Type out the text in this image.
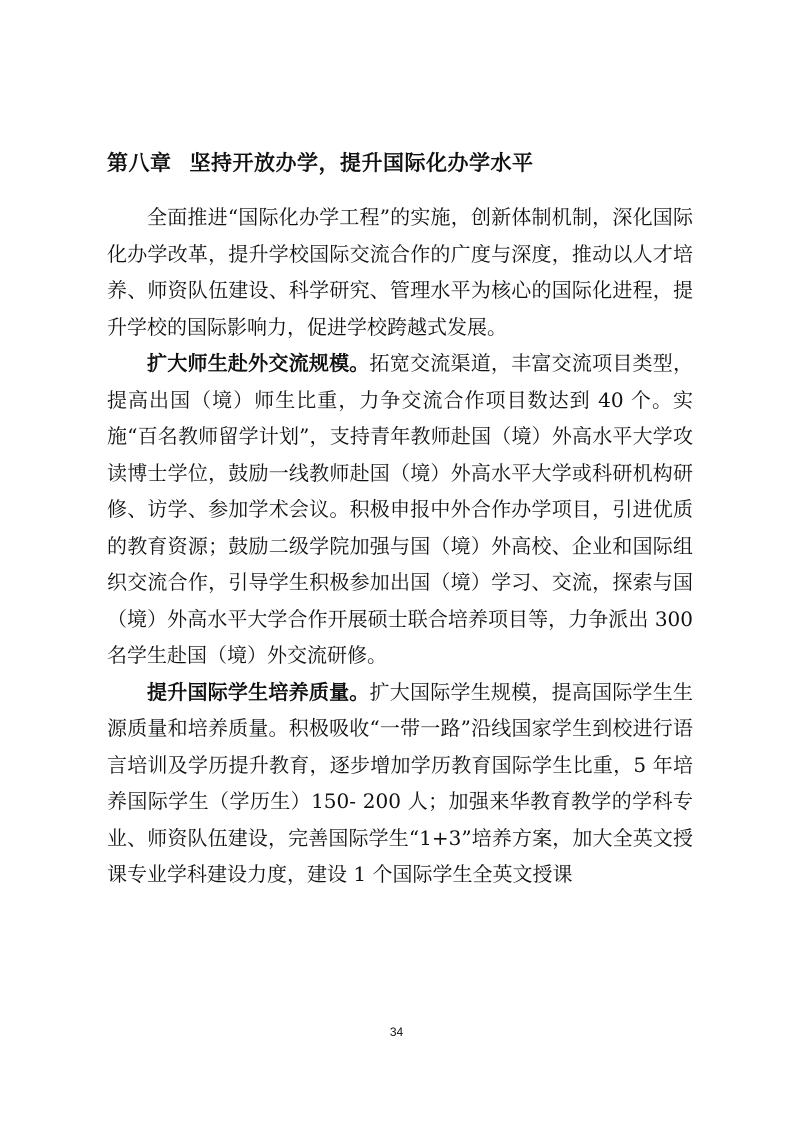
第八章 坚持开放办学，提升国际化办学水平

全面推进“国际化办学工程”的实施，创新体制机制，深化国际化办学改革，提升学校国际交流合作的广度与深度，推动以人才培养、师资队伍建设、科学研究、管理水平为核心的国际化进程，提升学校的国际影响力，促进学校跨越式发展。

扩大师生赴外交流规模。拓宽交流渠道，丰富交流项目类型，提高出国（境）师生比重，力争交流合作项目数达到 40 个。实施“百名教师留学计划”，支持青年教师赴国（境）外高水平大学攻读博士学位，鼓励一线教师赴国（境）外高水平大学或科研机构研修、访学、参加学术会议。积极申报中外合作办学项目，引进优质的教育资源；鼓励二级学院加强与国（境）外高校、企业和国际组织交流合作，引导学生积极参加出国（境）学习、交流，探索与国（境）外高水平大学合作开展硕士联合培养项目等，力争派出 300 名学生赴国（境）外交流研修。

提升国际学生培养质量。扩大国际学生规模，提高国际学生生源质量和培养质量。积极吸收“一带一路”沿线国家学生到校进行语言培训及学历提升教育，逐步增加学历教育国际学生比重，5 年培养国际学生（学历生）150- 200 人；加强来华教育教学的学科专业、师资队伍建设，完善国际学生“1+3”培养方案，加大全英文授课专业学科建设力度，建设 1 个国际学生全英文授课

34
